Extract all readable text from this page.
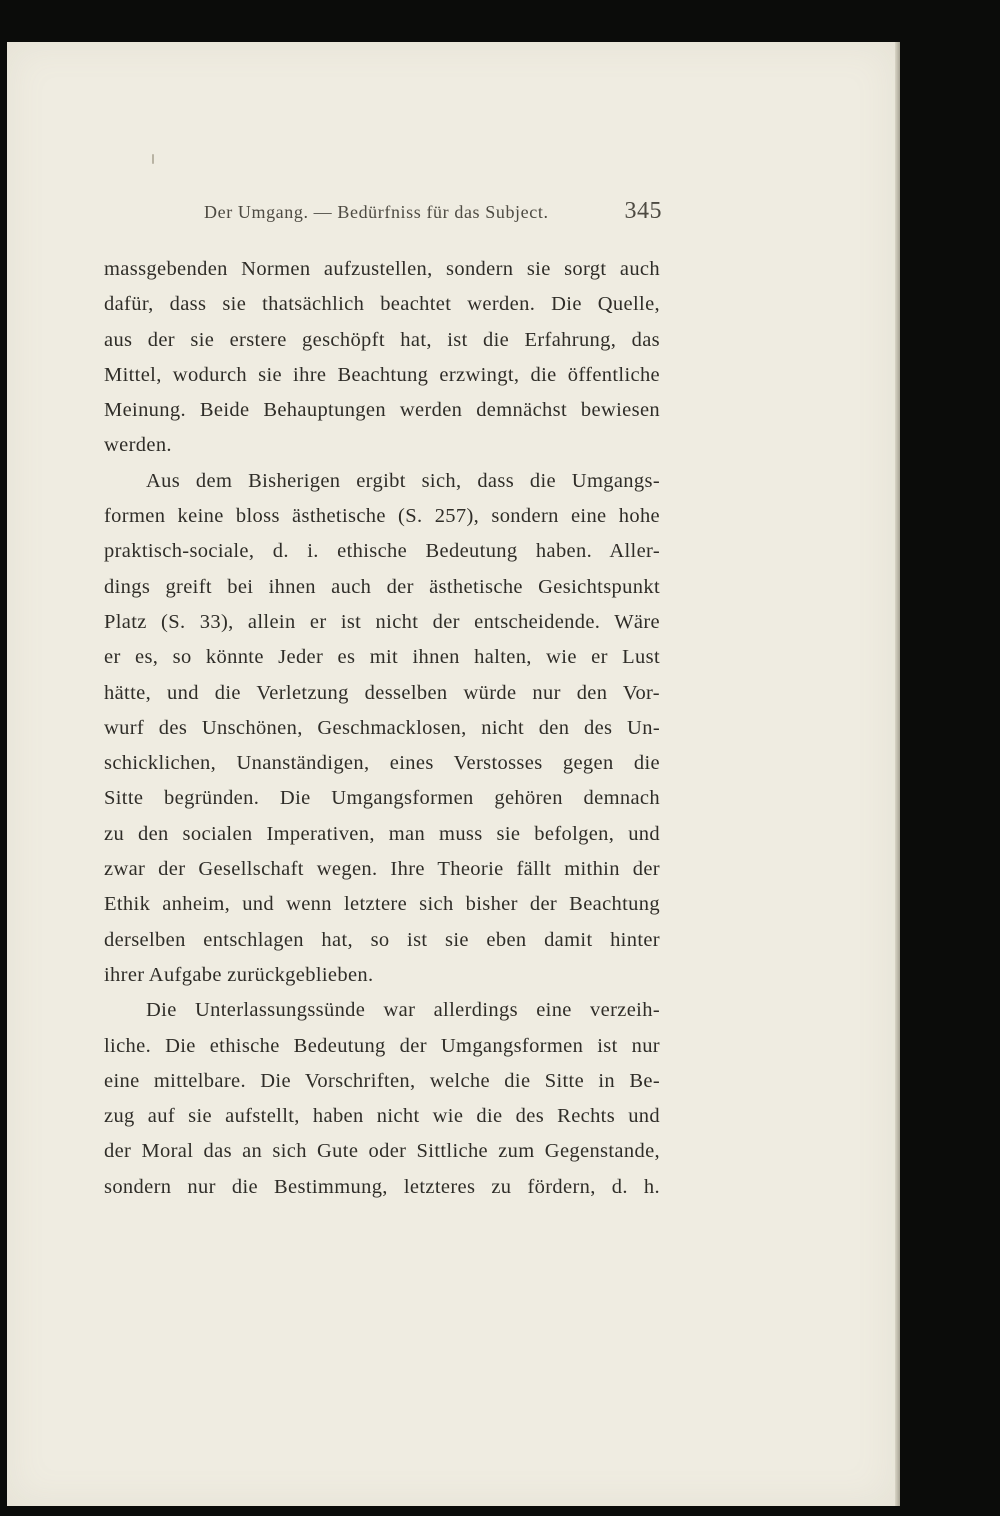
Der Umgang. — Bedürfniss für das Subject.	345
massgebenden Normen aufzustellen, sondern sie sorgt auch
dafür, dass sie thatsächlich beachtet werden. Die Quelle,
aus der sie erstere geschöpft hat, ist die Erfahrung, das
Mittel, wodurch sie ihre Beachtung erzwingt, die öffentliche
Meinung. Beide Behauptungen werden demnächst bewiesen
werden.
Aus dem Bisherigen ergibt sich, dass die Umgangs-
formen keine bloss ästhetische (S. 257), sondern eine hohe
praktisch-sociale, d. i. ethische Bedeutung haben. Aller-
dings greift bei ihnen auch der ästhetische Gesichtspunkt
Platz (S. 33), allein er ist nicht der entscheidende. Wäre
er es, so könnte Jeder es mit ihnen halten, wie er Lust
hätte, und die Verletzung desselben würde nur den Vor-
wurf des Unschönen, Geschmacklosen, nicht den des Un-
schicklichen, Unanständigen, eines Verstosses gegen die
Sitte begründen. Die Umgangsformen gehören demnach
zu den socialen Imperativen, man muss sie befolgen, und
zwar der Gesellschaft wegen. Ihre Theorie fällt mithin der
Ethik anheim, und wenn letztere sich bisher der Beachtung
derselben entschlagen hat, so ist sie eben damit hinter
ihrer Aufgabe zurückgeblieben.
Die Unterlassungssünde war allerdings eine verzeih-
liche. Die ethische Bedeutung der Umgangsformen ist nur
eine mittelbare. Die Vorschriften, welche die Sitte in Be-
zug auf sie aufstellt, haben nicht wie die des Rechts und
der Moral das an sich Gute oder Sittliche zum Gegenstande,
sondern nur die Bestimmung, letzteres zu fördern, d. h.
